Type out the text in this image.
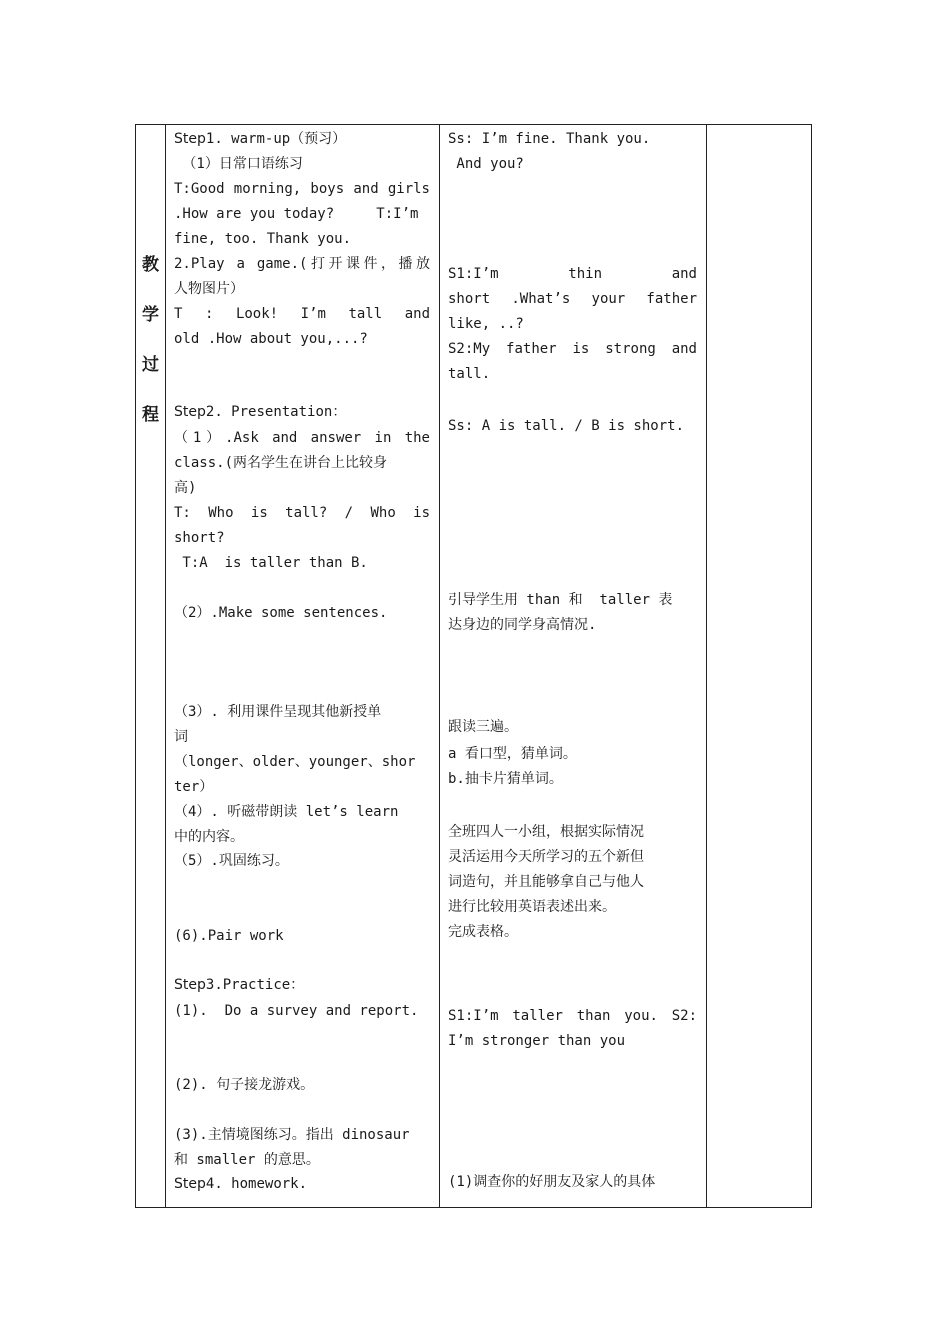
教
学
过
程
Step1. warm-up（预习）
（1）日常口语练习
T:Good morning, boys and girls
.How are you today?     T:I’m
fine, too. Thank you.
2.Play a game.(打开课件，播放
人物图片）
T : Look! I’m tall and
old .How about you,...?
Step2. Presentation：
（1）.Ask and answer in the
class.(两名学生在讲台上比较身
高)
T: Who is tall? / Who is
short?
T:A  is taller than B.
（2）.Make some sentences.
（3）. 利用课件呈现其他新授单
词
（longer、older、younger、shor
ter）
（4）. 听磁带朗读 let’s learn
中的内容。
（5）.巩固练习。
(6).Pair work
Step3.Practice：
(1).  Do a survey and report.
(2). 句子接龙游戏。
(3).主情境图练习。指出 dinosaur
和 smaller 的意思。
Step4. homework.
Ss: I’m fine. Thank you.
And you?
S1:I’m    thin    and
short .What’s your father
like, ..?
S2:My father is strong and
tall.
Ss: A is tall. / B is short.
引导学生用 than 和  taller 表
达身边的同学身高情况.
跟读三遍。
a 看口型，猜单词。
b.抽卡片猜单词。
全班四人一小组，根据实际情况
灵活运用今天所学习的五个新但
词造句，并且能够拿自己与他人
进行比较用英语表述出来。
完成表格。
S1:I’m taller than you. S2:
I’m stronger than you
(1)调查你的好朋友及家人的具体
